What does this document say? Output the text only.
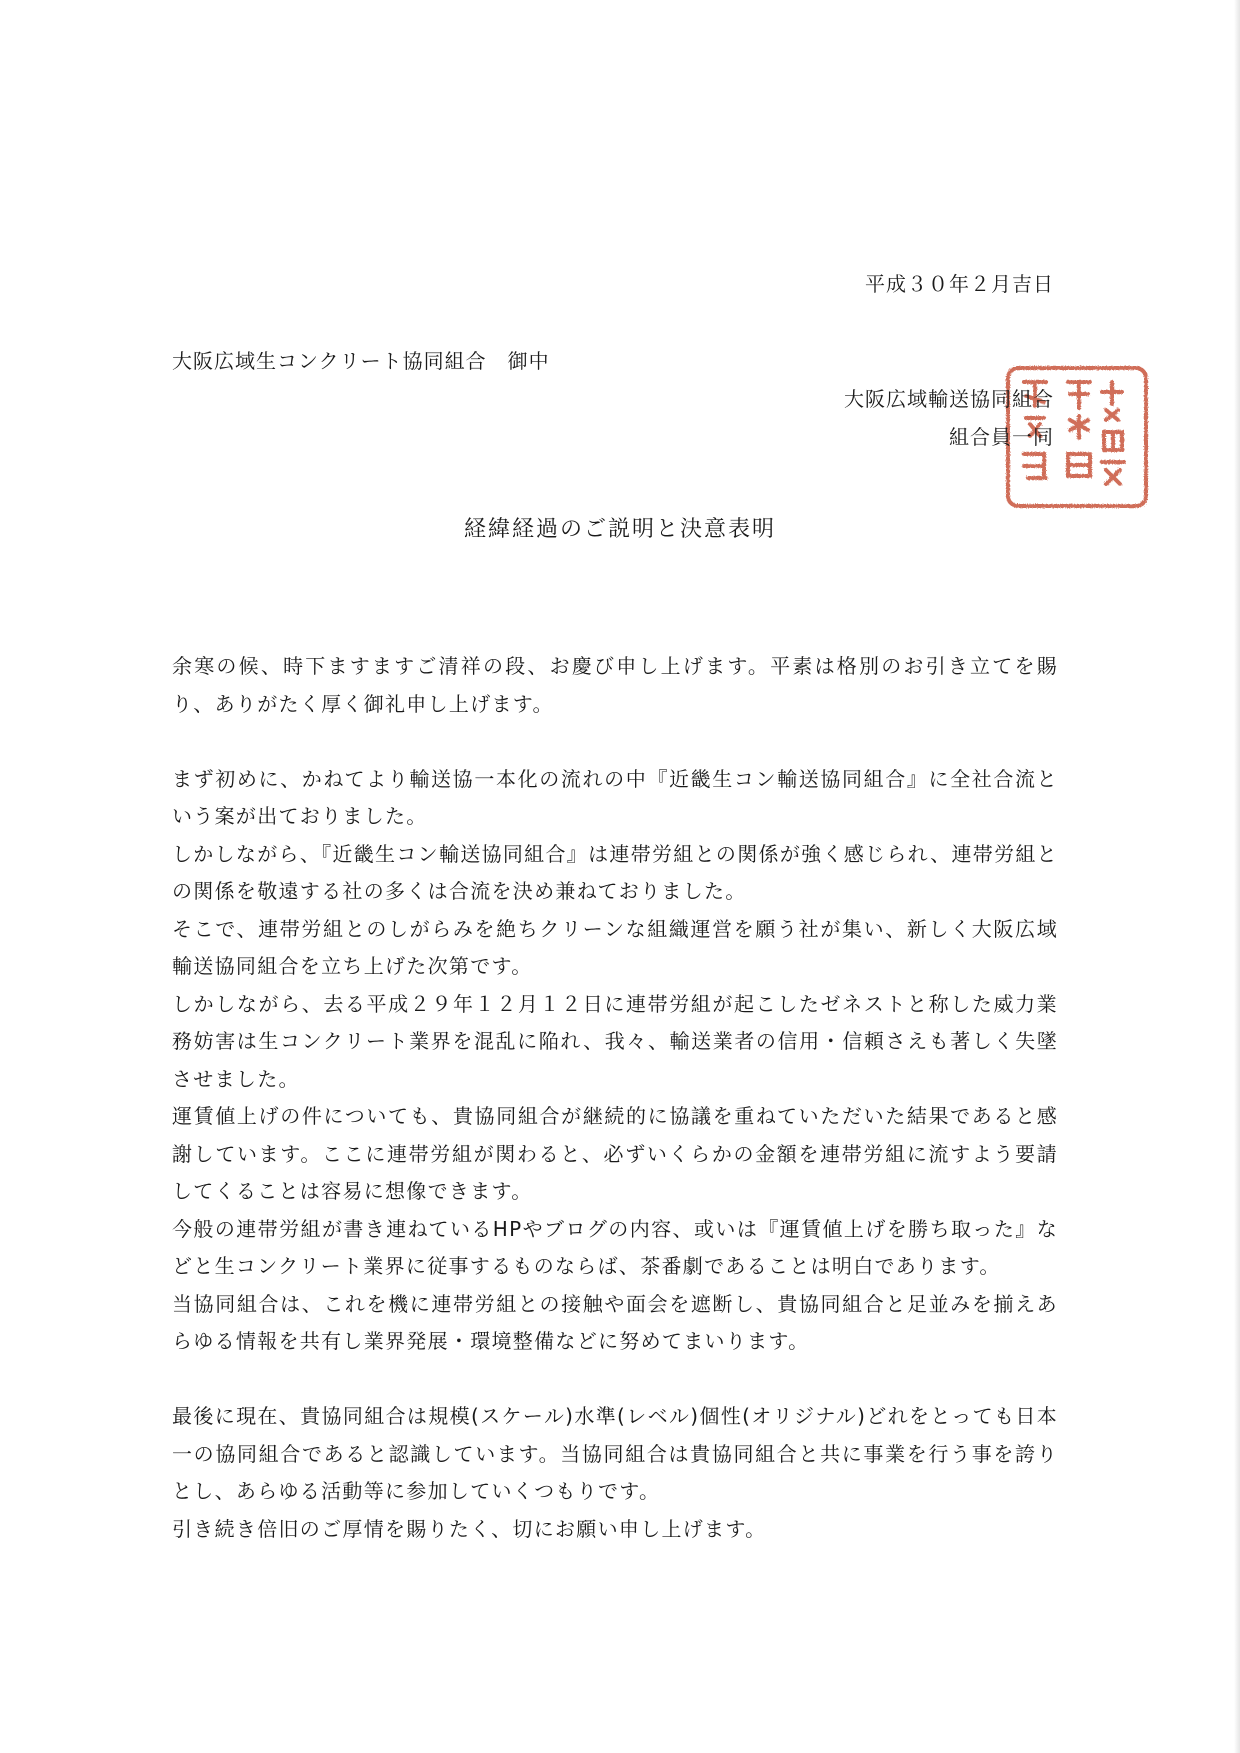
平成３０年２月吉日
大阪広域生コンクリート協同組合　御中
大阪広域輸送協同組合
組合員一同
経緯経過のご説明と決意表明

余寒の候、時下ますますご清祥の段、お慶び申し上げます。平素は格別のお引き立てを賜り、ありがたく厚く御礼申し上げます。

まず初めに、かねてより輸送協一本化の流れの中『近畿生コン輸送協同組合』に全社合流という案が出ておりました。

しかしながら、『近畿生コン輸送協同組合』は連帯労組との関係が強く感じられ、連帯労組との関係を敬遠する社の多くは合流を決め兼ねておりました。

そこで、連帯労組とのしがらみを絶ちクリーンな組織運営を願う社が集い、新しく大阪広域輸送協同組合を立ち上げた次第です。

しかしながら、去る平成２９年１２月１２日に連帯労組が起こしたゼネストと称した威力業務妨害は生コンクリート業界を混乱に陥れ、我々、輸送業者の信用・信頼さえも著しく失墜させました。

運賃値上げの件についても、貴協同組合が継続的に協議を重ねていただいた結果であると感謝しています。ここに連帯労組が関わると、必ずいくらかの金額を連帯労組に流すよう要請してくることは容易に想像できます。

今般の連帯労組が書き連ねているHPやブログの内容、或いは『運賃値上げを勝ち取った』などと生コンクリート業界に従事するものならば、茶番劇であることは明白であります。

当協同組合は、これを機に連帯労組との接触や面会を遮断し、貴協同組合と足並みを揃えあらゆる情報を共有し業界発展・環境整備などに努めてまいります。

最後に現在、貴協同組合は規模(スケール)水準(レベル)個性(オリジナル)どれをとっても日本一の協同組合であると認識しています。当協同組合は貴協同組合と共に事業を行う事を誇りとし、あらゆる活動等に参加していくつもりです。

引き続き倍旧のご厚情を賜りたく、切にお願い申し上げます。
